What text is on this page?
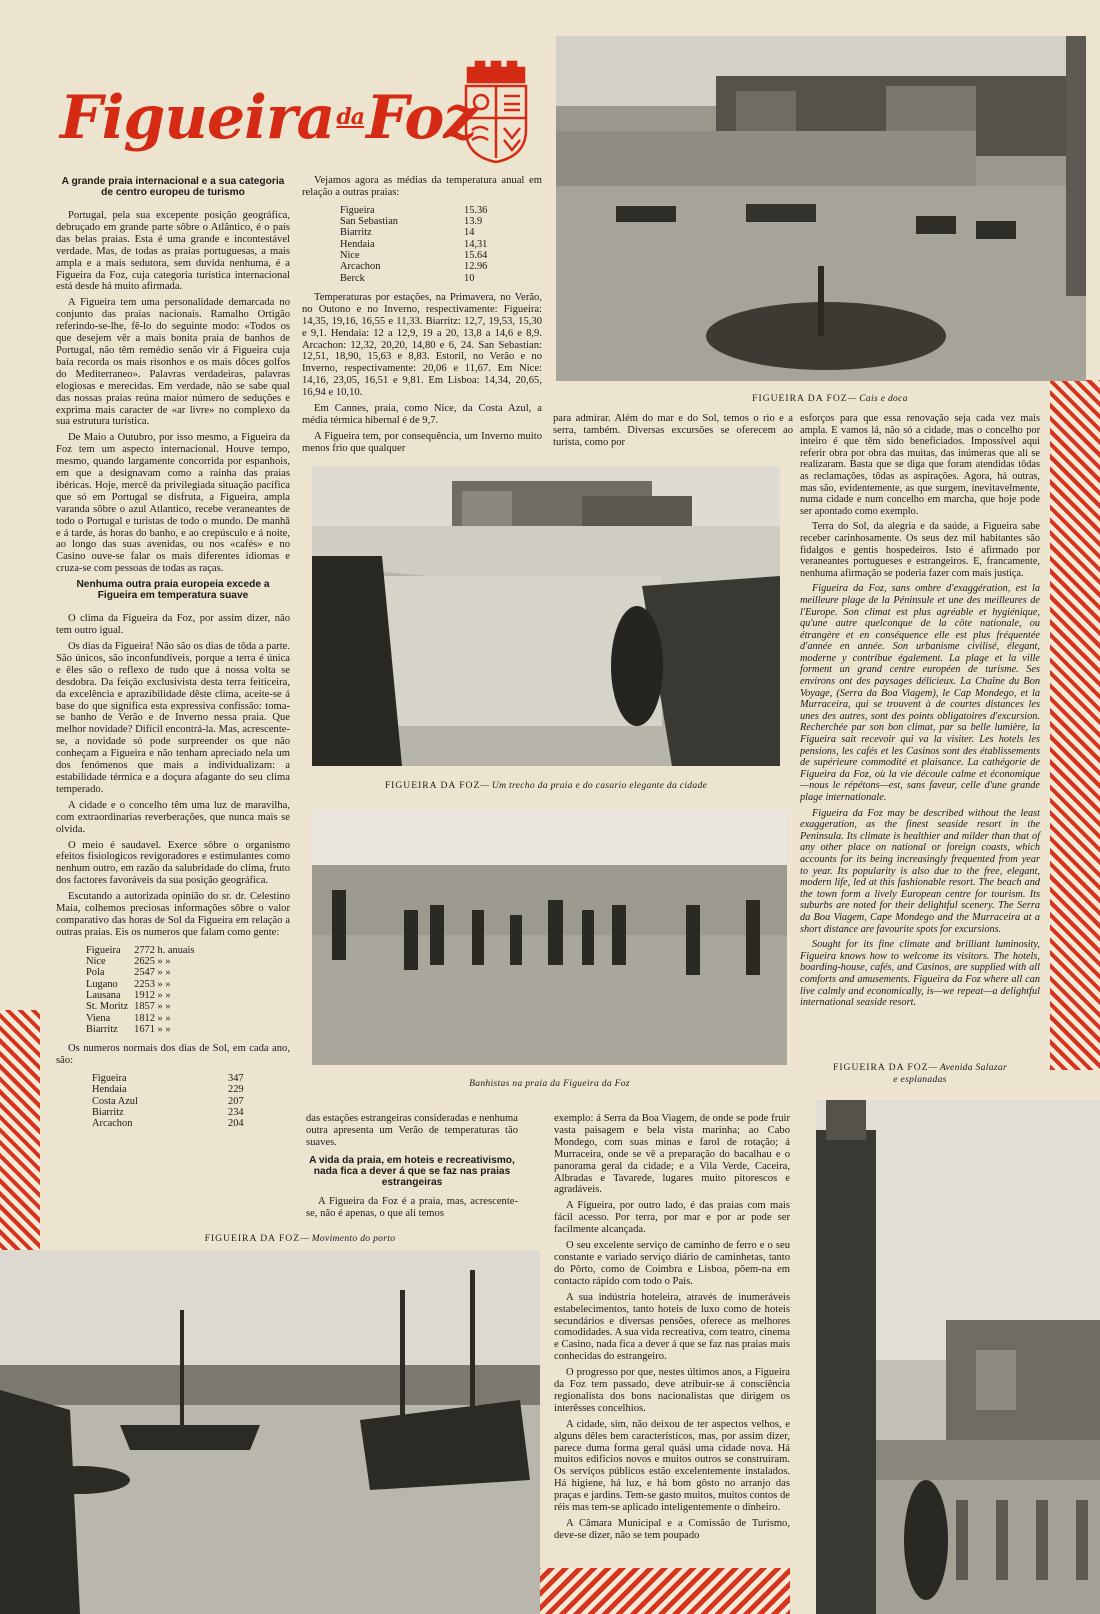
Figueira$^{da}$Foz
A grande praia internacional e a sua categoria de centro europeu de turismo

Portugal, pela sua excepente posição geográfica, debruçado em grande parte sôbre o Atlântico, é o país das belas praias. Esta é uma grande e incontestável verdade. Mas, de todas as praias portuguesas, a mais ampla e a mais sedutora, sem duvida nenhuma, é a Figueira da Foz, cuja categoria turística internacional está desde há muito afirmada.

A Figueira tem uma personalidade demarcada no conjunto das praias nacionais. Ramalho Ortigão referindo-se-lhe, fê-lo do seguinte modo: «Todos os que desejem vêr a mais bonita praia de banhos de Portugal, não têm remédio senão vir á Figueira cuja baía recorda os mais risonhos e os mais dôces golfos do Mediterraneo». Palavras verdadeiras, palavras elogiosas e merecidas. Em verdade, não se sabe qual das nossas praias reúna maior número de seduções e exprima mais caracter de «ar livre» no complexo da sua estrutura turística.

De Maio a Outubro, por isso mesmo, a Figueira da Foz tem um aspecto internacional. Houve tempo, mesmo, quando largamente concorrida por espanhois, em que a designavam como a rainha das praias ibéricas. Hoje, mercê da privilegiada situação pacífica que só em Portugal se disfruta, a Figueira, ampla varanda sôbre o azul Atlantico, recebe veraneantes de todo o Portugal e turistas de todo o mundo. De manhã e á tarde, ás horas do banho, e ao crepúsculo e á noite, ao longo das suas avenidas, ou nos «cafés» e no Casino ouve-se falar os mais diferentes idiomas e cruza-se com pessoas de todas as raças.

Nenhuma outra praia europeia excede a Figueira em temperatura suave

O clima da Figueira da Foz, por assim dizer, não tem outro igual.

Os dias da Figueira! Não são os dias de tôda a parte. São únicos, são inconfundíveis, porque a terra é única e êles são o reflexo de tudo que á nossa volta se desdobra. Da feição exclusivista desta terra feiticeira, da excelência e aprazibilidade dêste clima, aceite-se á base do que significa esta expressiva confissão: toma-se banho de Verão e de Inverno nessa praia. Que melhor novidade? Difícil encontrá-la. Mas, acrescente-se, a novidade só pode surpreender os que não conheçam a Figueira e não tenham apreciado nela um dos fenómenos que mais a individualizam: a estabilidade térmica e a doçura afagante do seu clima temperado.

A cidade e o concelho têm uma luz de maravilha, com extraordinarias reverberações, que nunca mais se olvida.

O meio é saudavel. Exerce sôbre o organismo efeitos fisiologicos revigoradores e estimulantes como nenhum outro, em razão da salubridade do clima, fruto dos factores favoráveis da sua posição geográfica.

Escutando a autorizada opinião do sr. dr. Celestino Maia, colhemos preciosas informações sôbre o valor comparativo das horas de Sol da Figueira em relação a outras praias. Eis os numeros que falam como gente:

Figueira	2772 h. anuais
Nice	2625 » »
Pola	2547 » »
Lugano	2253 » »
Lausana	1912 » »
St. Moritz	1857 » »
Viena	1812 » »
Biarritz	1671 » »

Os numeros normais dos dias de Sol, em cada ano, são:

Figueira	347
Hendaia	229
Costa Azul	207
Biarritz	234
Arcachon	204

Vejamos agora as médias da temperatura anual em relação a outras praias:

Figueira	15.36
San Sebastian	13.9
Biarritz	14
Hendaia	14,31
Nice	15.64
Arcachon	12.96
Berck	10

Temperaturas por estações, na Primavera, no Verão, no Outono e no Inverno, respectivamente: Figueira: 14,35, 19,16, 16,55 e 11,33. Biarritz: 12,7, 19,53, 15,30 e 9,1. Hendaia: 12 a 12,9, 19 a 20, 13,8 a 14,6 e 8,9. Arcachon: 12,32, 20,20, 14,80 e 6, 24. San Sebastian: 12,51, 18,90, 15,63 e 8,83. Estoril, no Verão e no Inverno, respectivamente: 20,06 e 11,67. Em Nice: 14,16, 23,05, 16,51 e 9,81. Em Lisboa: 14,34, 20,65, 16,94 e 10,10.

Em Cannes, praia, como Nice, da Costa Azul, a média térmica hibernal é de 9,7.

A Figueira tem, por consequência, um Inverno muito menos frio que qualquer

para admirar. Além do mar e do Sol, temos o rio e a serra, também. Diversas excursões se oferecem ao turista, como por

FIGUEIRA DA FOZ— Cais e doca
FIGUEIRA DA FOZ— Um trecho da praia e do casario elegante da cidade
Banhistas na praia da Figueira da Foz

esforços para que essa renovação seja cada vez mais ampla. E vamos lá, não só a cidade, mas o concelho por inteiro é que têm sido beneficiados. Impossível aqui referir obra por obra das muitas, das inúmeras que ali se realizaram. Basta que se diga que foram atendidas tôdas as reclamações, tôdas as aspirações. Agora, há outras, mas são, evidentemente, as que surgem, inevitavelmente, numa cidade e num concelho em marcha, que hoje pode ser apontado como exemplo.

Terra do Sol, da alegria e da saúde, a Figueira sabe receber carinhosamente. Os seus dez mil habitantes são fidalgos e gentis hospedeiros. Isto é afirmado por veraneantes portugueses e estrangeiros. E, francamente, nenhuma afirmação se poderia fazer com mais justiça.

Figueira da Foz, sans ombre d'exaggération, est la meilleure plage de la Péninsule et une des meilleures de l'Europe. Son climat est plus agréable et hygiénique, qu'une autre quelconque de la côte nationale, ou étrangère et en conséquence elle est plus fréquentée d'année en année. Son urbanisme civilisé, élegant, moderne y contribue également. La plage et la ville forment un grand centre européen de turisme. Ses environs ont des paysages délicieux. La Chaîne du Bon Voyage, (Serra da Boa Viagem), le Cap Mondego, et la Murraceira, qui se trouvent à de courtes distances les unes des autres, sont des points obligatoires d'excursion. Recherchée par son bon climat, par sa belle lumière, la Figueira sait recevoir qui va la visiter. Les hotels les pensions, les cafés et les Casinos sont des établissements de supérieure commodité et plaisance. La cathégorie de Figueira da Foz, où la vie découle calme et économique—nous le répétons—est, sans faveur, celle d'une grande plage internationale.

Figueira da Foz may be described without the least exaggeration, as the finest seaside resort in the Peninsula. Its climate is healthier and milder than that of any other place on national or foreign coasts, which accounts for its being increasingly frequented from year to year. Its popularity is also due to the free, elegant, modern life, led at this fashionable resort. The beach and the town form a lively European centre for tourism. Its suburbs are noted for their delightful scenery. The Serra da Boa Viagem, Cape Mondego and the Murraceira at a short distance are favourite spots for excursions.

Sought for its fine climate and brilliant luminosity, Figueira knows how to welcome its visitors. The hotels, boarding-house, cafés, and Casinos, are supplied with all comforts and amusements. Figueira da Foz where all can live calmly and economically, is—we repeat—a delightful international seaside resort.

FIGUEIRA DA FOZ— Avenida Salazar
e esplanadas

das estações estrangeiras consideradas e nenhuma outra apresenta um Verão de temperaturas tão suaves.

A vida da praia, em hoteis e recreativismo, nada fica a dever á que se faz nas praias estrangeiras

A Figueira da Foz é a praia, mas, acrescente-se, não é apenas, o que ali temos

exemplo: á Serra da Boa Viagem, de onde se pode fruir vasta paisagem e bela vista marinha; ao Cabo Mondego, com suas minas e farol de rotação; á Murraceira, onde se vê a preparação do bacalhau e o panorama geral da cidade; e a Vila Verde, Caceira, Albradas e Tavarede, lugares muito pitorescos e agradáveis.

A Figueira, por outro lado, é das praias com mais fácil acesso. Por terra, por mar e por ar pode ser facilmente alcançada.

O seu excelente serviço de caminho de ferro e o seu constante e variado serviço diário de caminhetas, tanto do Pôrto, como de Coimbra e Lisboa, põem-na em contacto rápido com todo o País.

A sua indústria hoteleira, através de inumeráveis estabelecimentos, tanto hoteis de luxo como de hoteis secundários e diversas pensões, oferece as melhores comodidades. A sua vida recreativa, com teatro, cinema e Casino, nada fica a dever á que se faz nas praias mais conhecidas do estrangeiro.

O progresso por que, nestes últimos anos, a Figueira da Foz tem passado, deve atribuir-se á consciência regionalista dos bons nacionalistas que dirigem os interêsses concelhios.

A cidade, sim, não deixou de ter aspectos velhos, e alguns dêles bem característicos, mas, por assim dizer, parece duma forma geral quási uma cidade nova. Há muitos edificios novos e muitos outros se construíram. Os serviços públicos estão excelentemente instalados. Há higiene, há luz, e há bom gôsto no arranjo das praças e jardins. Tem-se gasto muitos, muitos contos de réis mas tem-se aplicado inteligentemente o dinheiro.

A Câmara Municipal e a Comissão de Turismo, deve-se dizer, não se tem poupado

FIGUEIRA DA FOZ— Movimento do porto
